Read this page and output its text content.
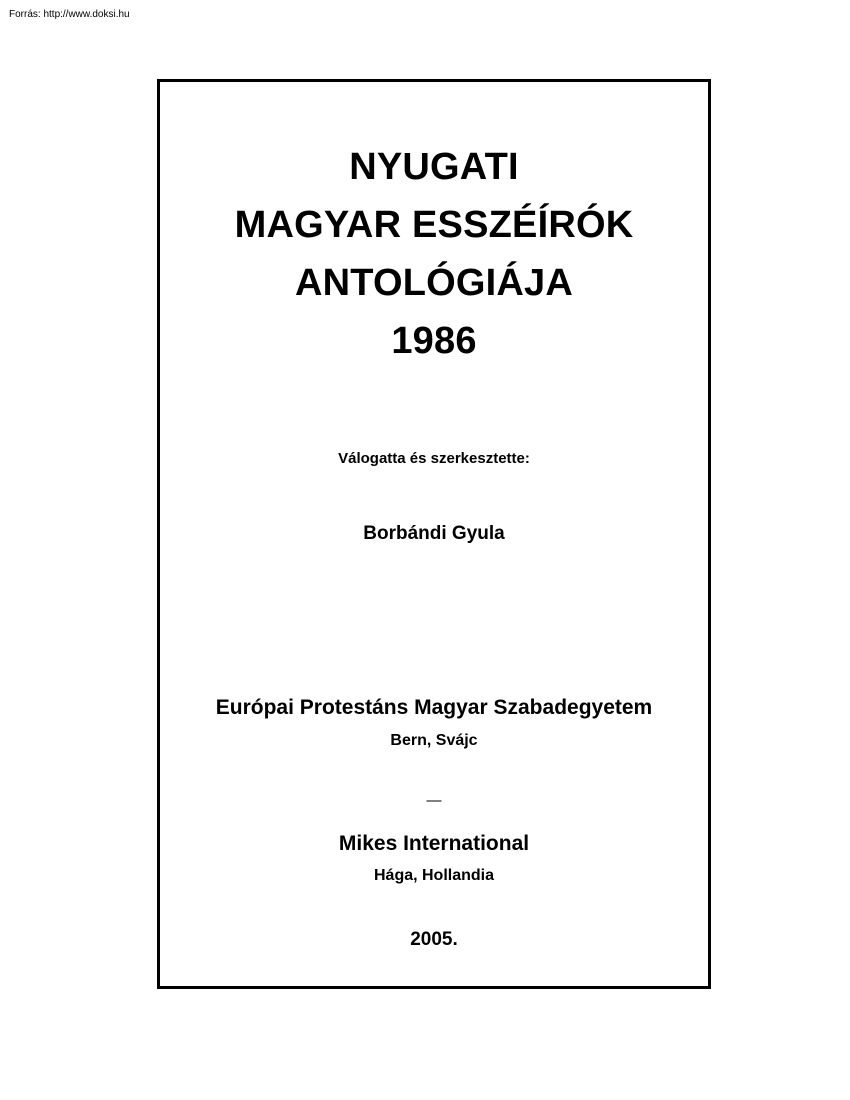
Forrás: http://www.doksi.hu
NYUGATI
MAGYAR ESSZÉÍRÓK
ANTOLÓGIÁJA
1986
Válogatta és szerkesztette:
Borbándi Gyula
Európai Protestáns Magyar Szabadegyetem
Bern, Svájc
—
Mikes International
Hága, Hollandia
2005.
